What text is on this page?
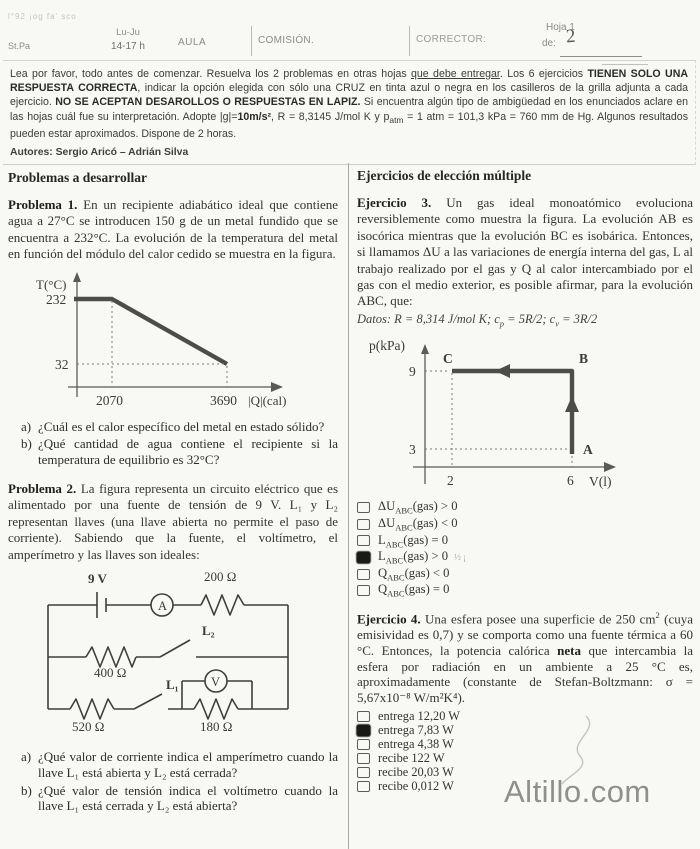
l°92 ¡og fa' sco
St.Pa
Lu-Ju
14-17 h	AULA	COMISIÓN.	CORRECTOR:
Hoja 1
de: 2
Lea por favor, todo antes de comenzar. Resuelva los 2 problemas en otras hojas que debe entregar. Los 6 ejercicios TIENEN SOLO UNA RESPUESTA CORRECTA, indicar la opción elegida con sólo una CRUZ en tinta azul o negra en los casilleros de la grilla adjunta a cada ejercicio. NO SE ACEPTAN DESAROLLOS O RESPUESTAS EN LAPIZ. Si encuentra algún tipo de ambigüedad en los enunciados aclare en las hojas cuál fue su interpretación. Adopte |g|=10m/s², R = 8,3145 J/mol K y $p_{atm} = 1$ atm = 101,3 kPa = 760 mm de Hg. Algunos resultados pueden estar aproximados. Dispone de 2 horas.
Autores: Sergio Aricó – Adrián Silva
Problemas a desarrollar
Problema 1. En un recipiente adiabático ideal que contiene agua a 27°C se introducen 150 g de un metal fundido que se encuentra a 232°C. La evolución de la temperatura del metal en función del módulo del calor cedido se muestra en la figura.
T(°C)
232
32
2070	3690 |Q|(cal)
a) ¿Cuál es el calor específico del metal en estado sólido?
b) ¿Qué cantidad de agua contiene el recipiente si la temperatura de equilibrio es 32°C?
Problema 2. La figura representa un circuito eléctrico que es alimentado por una fuente de tensión de 9 V. L₁ y L₂ representan llaves (una llave abierta no permite el paso de corriente). Sabiendo que la fuente, el voltímetro, el amperímetro y las llaves son ideales:
A
9 V	200 Ω
L₂
400 Ω
L₁	V
520 Ω	180 Ω
a) ¿Qué valor de corriente indica el amperímetro cuando la llave L₁ está abierta y L₂ está cerrada?
b) ¿Qué valor de tensión indica el voltímetro cuando la llave L₁ está cerrada y L₂ está abierta?
Ejercicios de elección múltiple
Ejercicio 3. Un gas ideal monoatómico evoluciona reversiblemente como muestra la figura. La evolución AB es isocórica mientras que la evolución BC es isobárica. Entonces, si llamamos ΔU a las variaciones de energía interna del gas, L al trabajo realizado por el gas y Q al calor intercambiado por el gas con el medio exterior, es posible afirmar, para la evolución ABC, que:
Datos: R = 8,314 J/mol K; $c_p = 5R/2$; $c_v = 3R/2$
p(kPa)
9
3
2	6 V(l)
C	B
A
$\Delta U_{ABC}(gas) > 0$
$\Delta U_{ABC}(gas) < 0$
$L_{ABC}(gas) = 0$
$L_{ABC}(gas) > 0$ ½ ¡
$Q_{ABC}(gas) < 0$
$Q_{ABC}(gas) = 0$
Ejercicio 4. Una esfera posee una superficie de 250 $cm^2$ (cuya emisividad es 0,7) y se comporta como una fuente térmica a 60 °C. Entonces, la potencia calórica neta que intercambia la esfera por radiación en un ambiente a 25 °C es, aproximadamente (constante de Stefan-Boltzmann: σ = 5,67x10⁻⁸ W/m²K⁴).
entrega 12,20 W
entrega 7,83 W
entrega 4,38 W
recibe 122 W
recibe 20,03 W
recibe 0,012 W Altillo.com
